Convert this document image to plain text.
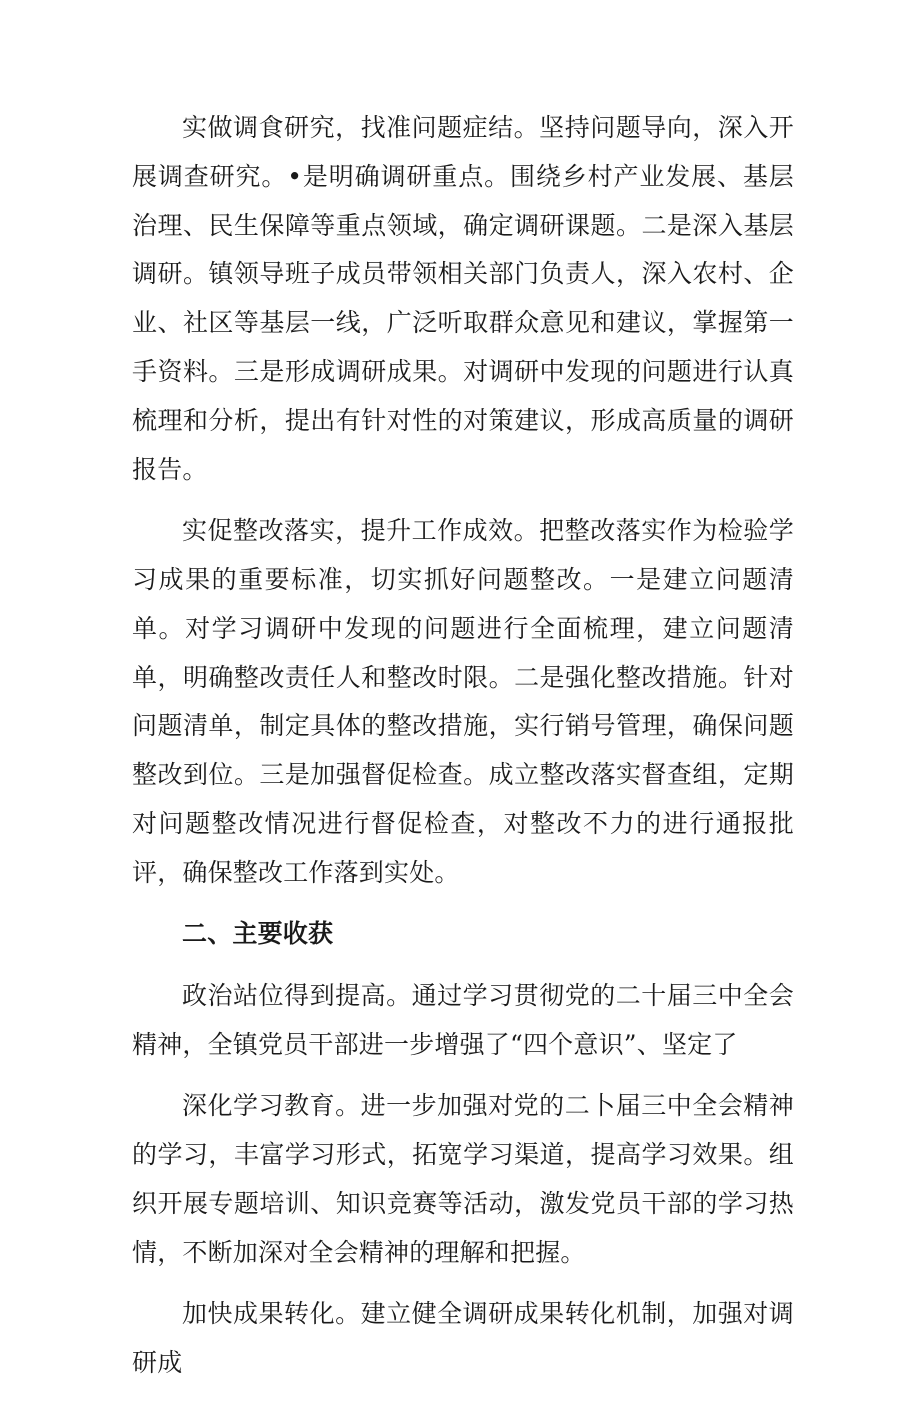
实做调食研究，找准问题症结。坚持问题导向，深入开展调查研究。•是明确调研重点。围绕乡村产业发展、基层治理、民生保障等重点领域，确定调研课题。二是深入基层调研。镇领导班子成员带领相关部门负责人，深入农村、企业、社区等基层一线，广泛听取群众意见和建议，掌握第一手资料。三是形成调研成果。对调研中发现的问题进行认真梳理和分析，提出有针对性的对策建议，形成高质量的调研报告。

实促整改落实，提升工作成效。把整改落实作为检验学习成果的重要标准，切实抓好问题整改。一是建立问题清单。对学习调研中发现的问题进行全面梳理，建立问题清单，明确整改责任人和整改时限。二是强化整改措施。针对问题清单，制定具体的整改措施，实行销号管理，确保问题整改到位。三是加强督促检查。成立整改落实督查组，定期对问题整改情况进行督促检查，对整改不力的进行通报批评，确保整改工作落到实处。

二、主要收获

政治站位得到提高。通过学习贯彻党的二十届三中全会精神，全镇党员干部进一步增强了“四个意识”、坚定了

深化学习教育。进一步加强对党的二卜届三中全会精神的学习，丰富学习形式，拓宽学习渠道，提高学习效果。组织开展专题培训、知识竞赛等活动，激发党员干部的学习热情，不断加深对全会精神的理解和把握。

加快成果转化。建立健全调研成果转化机制，加强对调研成
